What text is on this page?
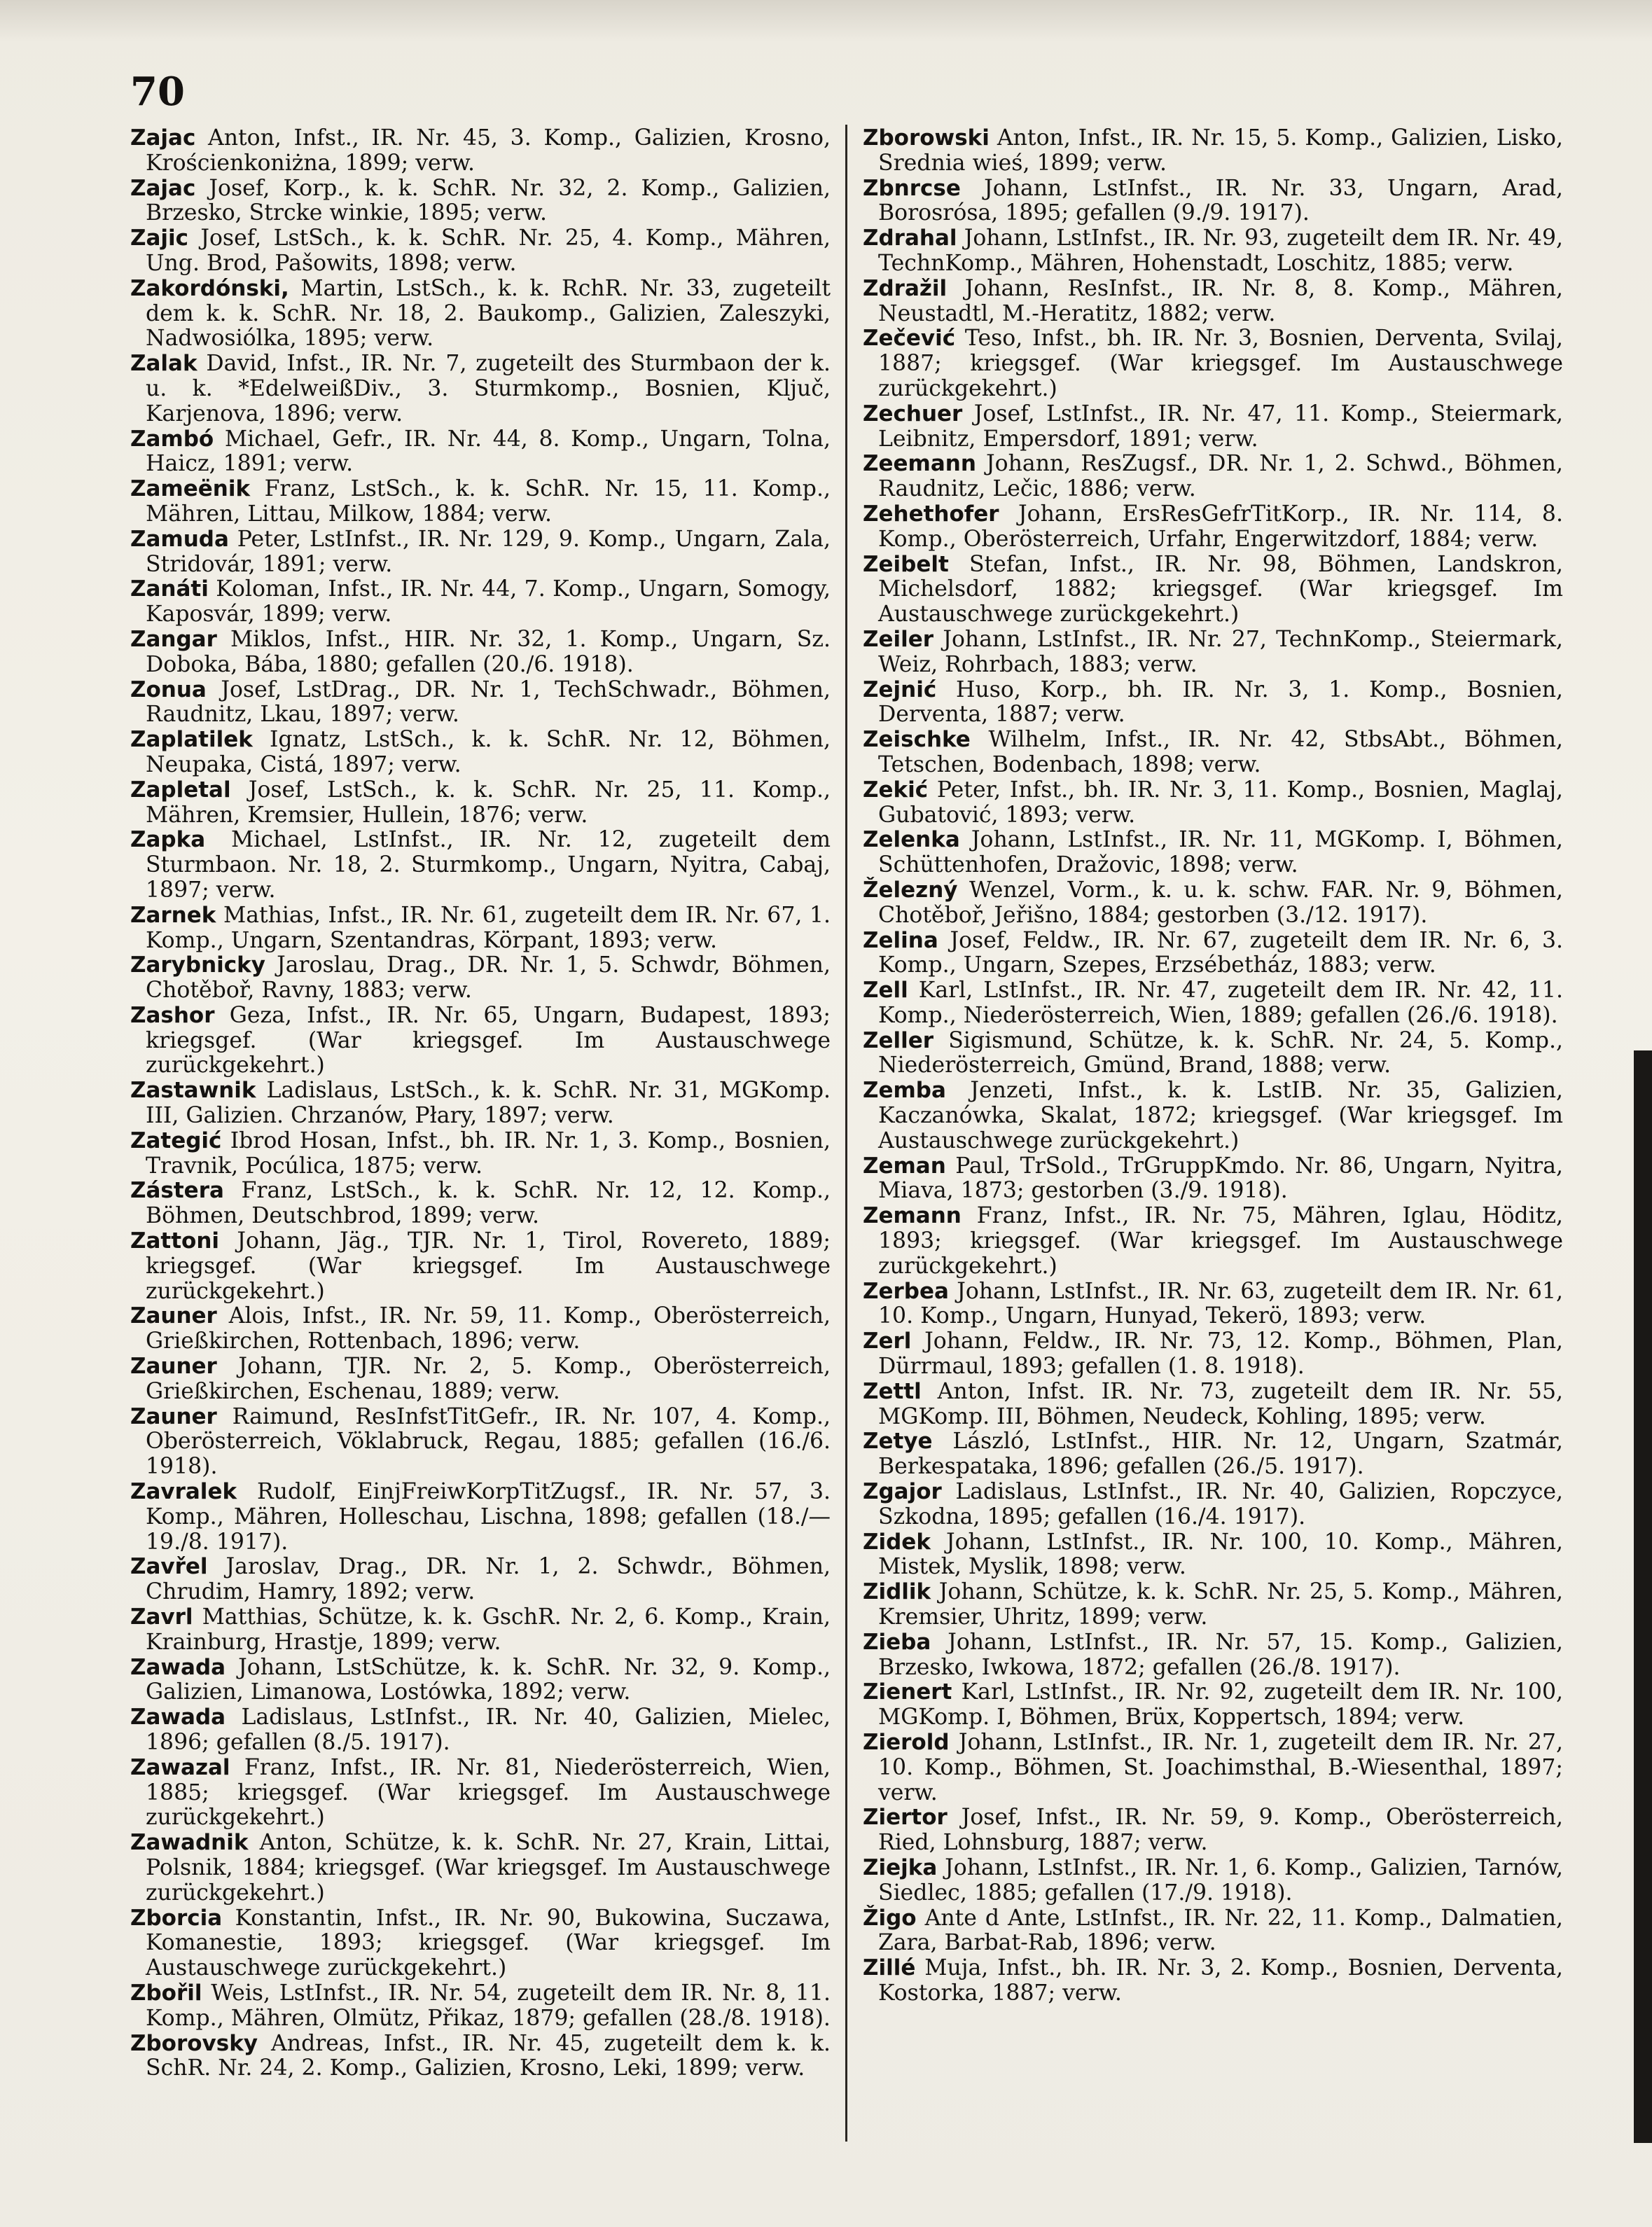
70

Zajac Anton, Infst., IR. Nr. 45, 3. Komp., Galizien, Krosno, Krościenkoniżna, 1899; verw.

Zajac Josef, Korp., k. k. SchR. Nr. 32, 2. Komp., Galizien, Brzesko, Strcke winkie, 1895; verw.

Zajic Josef, LstSch., k. k. SchR. Nr. 25, 4. Komp., Mähren, Ung. Brod, Pašowits, 1898; verw.

Zakordónski, Martin, LstSch., k. k. RchR. Nr. 33, zugeteilt dem k. k. SchR. Nr. 18, 2. Baukomp., Galizien, Zaleszyki, Nadwosiólka, 1895; verw.

Zalak David, Infst., IR. Nr. 7, zugeteilt des Sturmbaon der k. u. k. *EdelweißDiv., 3. Sturmkomp., Bosnien, Ključ, Karjenova, 1896; verw.

Zambó Michael, Gefr., IR. Nr. 44, 8. Komp., Ungarn, Tolna, Haicz, 1891; verw.

Zameënik Franz, LstSch., k. k. SchR. Nr. 15, 11. Komp., Mähren, Littau, Milkow, 1884; verw.

Zamuda Peter, LstInfst., IR. Nr. 129, 9. Komp., Ungarn, Zala, Stridovár, 1891; verw.

Zanáti Koloman, Infst., IR. Nr. 44, 7. Komp., Ungarn, Somogy, Kaposvár, 1899; verw.

Zangar Miklos, Infst., HIR. Nr. 32, 1. Komp., Ungarn, Sz. Doboka, Bába, 1880; gefallen (20./6. 1918).

Zonua Josef, LstDrag., DR. Nr. 1, TechSchwadr., Böhmen, Raudnitz, Lkau, 1897; verw.

Zaplatilek Ignatz, LstSch., k. k. SchR. Nr. 12, Böhmen, Neupaka, Cistá, 1897; verw.

Zapletal Josef, LstSch., k. k. SchR. Nr. 25, 11. Komp., Mähren, Kremsier, Hullein, 1876; verw.

Zapka Michael, LstInfst., IR. Nr. 12, zugeteilt dem Sturmbaon. Nr. 18, 2. Sturmkomp., Ungarn, Nyitra, Cabaj, 1897; verw.

Zarnek Mathias, Infst., IR. Nr. 61, zugeteilt dem IR. Nr. 67, 1. Komp., Ungarn, Szentandras, Körpant, 1893; verw.

Zarybnicky Jaroslau, Drag., DR. Nr. 1, 5. Schwdr, Böhmen, Chotěboř, Ravny, 1883; verw.

Zashor Geza, Infst., IR. Nr. 65, Ungarn, Budapest, 1893; kriegsgef. (War kriegsgef. Im Austauschwege zurückgekehrt.)

Zastawnik Ladislaus, LstSch., k. k. SchR. Nr. 31, MGKomp. III, Galizien. Chrzanów, Płary, 1897; verw.

Zategić Ibrod Hosan, Infst., bh. IR. Nr. 1, 3. Komp., Bosnien, Travnik, Pocúlica, 1875; verw.

Zástera Franz, LstSch., k. k. SchR. Nr. 12, 12. Komp., Böhmen, Deutschbrod, 1899; verw.

Zattoni Johann, Jäg., TJR. Nr. 1, Tirol, Rovereto, 1889; kriegsgef. (War kriegsgef. Im Austauschwege zurückgekehrt.)

Zauner Alois, Infst., IR. Nr. 59, 11. Komp., Oberösterreich, Grießkirchen, Rottenbach, 1896; verw.

Zauner Johann, TJR. Nr. 2, 5. Komp., Oberösterreich, Grießkirchen, Eschenau, 1889; verw.

Zauner Raimund, ResInfstTitGefr., IR. Nr. 107, 4. Komp., Oberösterreich, Vöklabruck, Regau, 1885; gefallen (16./6. 1918).

Zavralek Rudolf, EinjFreiwKorpTitZugsf., IR. Nr. 57, 3. Komp., Mähren, Holleschau, Lischna, 1898; gefallen (18./—19./8. 1917).

Zavřel Jaroslav, Drag., DR. Nr. 1, 2. Schwdr., Böhmen, Chrudim, Hamry, 1892; verw.

Zavrl Matthias, Schütze, k. k. GschR. Nr. 2, 6. Komp., Krain, Krainburg, Hrastje, 1899; verw.

Zawada Johann, LstSchütze, k. k. SchR. Nr. 32, 9. Komp., Galizien, Limanowa, Lostówka, 1892; verw.

Zawada Ladislaus, LstInfst., IR. Nr. 40, Galizien, Mielec, 1896; gefallen (8./5. 1917).

Zawazal Franz, Infst., IR. Nr. 81, Niederösterreich, Wien, 1885; kriegsgef. (War kriegsgef. Im Austauschwege zurückgekehrt.)

Zawadnik Anton, Schütze, k. k. SchR. Nr. 27, Krain, Littai, Polsnik, 1884; kriegsgef. (War kriegsgef. Im Austauschwege zurückgekehrt.)

Zborcia Konstantin, Infst., IR. Nr. 90, Bukowina, Suczawa, Komanestie, 1893; kriegsgef. (War kriegsgef. Im Austauschwege zurückgekehrt.)

Zbořil Weis, LstInfst., IR. Nr. 54, zugeteilt dem IR. Nr. 8, 11. Komp., Mähren, Olmütz, Přikaz, 1879; gefallen (28./8. 1918).

Zborovsky Andreas, Infst., IR. Nr. 45, zugeteilt dem k. k. SchR. Nr. 24, 2. Komp., Galizien, Krosno, Leki, 1899; verw.

Zborowski Anton, Infst., IR. Nr. 15, 5. Komp., Galizien, Lisko, Srednia wieś, 1899; verw.

Zbnrcse Johann, LstInfst., IR. Nr. 33, Ungarn, Arad, Borosrósa, 1895; gefallen (9./9. 1917).

Zdrahal Johann, LstInfst., IR. Nr. 93, zugeteilt dem IR. Nr. 49, TechnKomp., Mähren, Hohenstadt, Loschitz, 1885; verw.

Zdražil Johann, ResInfst., IR. Nr. 8, 8. Komp., Mähren, Neustadtl, M.-Heratitz, 1882; verw.

Zečević Teso, Infst., bh. IR. Nr. 3, Bosnien, Derventa, Svilaj, 1887; kriegsgef. (War kriegsgef. Im Austauschwege zurückgekehrt.)

Zechuer Josef, LstInfst., IR. Nr. 47, 11. Komp., Steiermark, Leibnitz, Empersdorf, 1891; verw.

Zeemann Johann, ResZugsf., DR. Nr. 1, 2. Schwd., Böhmen, Raudnitz, Lečic, 1886; verw.

Zehethofer Johann, ErsResGefrTitKorp., IR. Nr. 114, 8. Komp., Oberösterreich, Urfahr, Engerwitzdorf, 1884; verw.

Zeibelt Stefan, Infst., IR. Nr. 98, Böhmen, Landskron, Michelsdorf, 1882; kriegsgef. (War kriegsgef. Im Austauschwege zurückgekehrt.)

Zeiler Johann, LstInfst., IR. Nr. 27, TechnKomp., Steiermark, Weiz, Rohrbach, 1883; verw.

Zejnić Huso, Korp., bh. IR. Nr. 3, 1. Komp., Bosnien, Derventa, 1887; verw.

Zeischke Wilhelm, Infst., IR. Nr. 42, StbsAbt., Böhmen, Tetschen, Bodenbach, 1898; verw.

Zekić Peter, Infst., bh. IR. Nr. 3, 11. Komp., Bosnien, Maglaj, Gubatović, 1893; verw.

Zelenka Johann, LstInfst., IR. Nr. 11, MGKomp. I, Böhmen, Schüttenhofen, Dražovic, 1898; verw.

Železný Wenzel, Vorm., k. u. k. schw. FAR. Nr. 9, Böhmen, Chotěboř, Jeřišno, 1884; gestorben (3./12. 1917).

Zelina Josef, Feldw., IR. Nr. 67, zugeteilt dem IR. Nr. 6, 3. Komp., Ungarn, Szepes, Erzsébetház, 1883; verw.

Zell Karl, LstInfst., IR. Nr. 47, zugeteilt dem IR. Nr. 42, 11. Komp., Niederösterreich, Wien, 1889; gefallen (26./6. 1918).

Zeller Sigismund, Schütze, k. k. SchR. Nr. 24, 5. Komp., Niederösterreich, Gmünd, Brand, 1888; verw.

Zemba Jenzeti, Infst., k. k. LstIB. Nr. 35, Galizien, Kaczanówka, Skalat, 1872; kriegsgef. (War kriegsgef. Im Austauschwege zurückgekehrt.)

Zeman Paul, TrSold., TrGruppKmdo. Nr. 86, Ungarn, Nyitra, Miava, 1873; gestorben (3./9. 1918).

Zemann Franz, Infst., IR. Nr. 75, Mähren, Iglau, Höditz, 1893; kriegsgef. (War kriegsgef. Im Austauschwege zurückgekehrt.)

Zerbea Johann, LstInfst., IR. Nr. 63, zugeteilt dem IR. Nr. 61, 10. Komp., Ungarn, Hunyad, Tekerö, 1893; verw.

Zerl Johann, Feldw., IR. Nr. 73, 12. Komp., Böhmen, Plan, Dürrmaul, 1893; gefallen (1. 8. 1918).

Zettl Anton, Infst. IR. Nr. 73, zugeteilt dem IR. Nr. 55, MGKomp. III, Böhmen, Neudeck, Kohling, 1895; verw.

Zetye László, LstInfst., HIR. Nr. 12, Ungarn, Szatmár, Berkespataka, 1896; gefallen (26./5. 1917).

Zgajor Ladislaus, LstInfst., IR. Nr. 40, Galizien, Ropczyce, Szkodna, 1895; gefallen (16./4. 1917).

Zidek Johann, LstInfst., IR. Nr. 100, 10. Komp., Mähren, Mistek, Myslik, 1898; verw.

Zidlik Johann, Schütze, k. k. SchR. Nr. 25, 5. Komp., Mähren, Kremsier, Uhritz, 1899; verw.

Zieba Johann, LstInfst., IR. Nr. 57, 15. Komp., Galizien, Brzesko, Iwkowa, 1872; gefallen (26./8. 1917).

Zienert Karl, LstInfst., IR. Nr. 92, zugeteilt dem IR. Nr. 100, MGKomp. I, Böhmen, Brüx, Koppertsch, 1894; verw.

Zierold Johann, LstInfst., IR. Nr. 1, zugeteilt dem IR. Nr. 27, 10. Komp., Böhmen, St. Joachimsthal, B.-Wiesenthal, 1897; verw.

Ziertor Josef, Infst., IR. Nr. 59, 9. Komp., Oberösterreich, Ried, Lohnsburg, 1887; verw.

Ziejka Johann, LstInfst., IR. Nr. 1, 6. Komp., Galizien, Tarnów, Siedlec, 1885; gefallen (17./9. 1918).

Žigo Ante d Ante, LstInfst., IR. Nr. 22, 11. Komp., Dalmatien, Zara, Barbat-Rab, 1896; verw.

Zillé Muja, Infst., bh. IR. Nr. 3, 2. Komp., Bosnien, Derventa, Kostorka, 1887; verw.
